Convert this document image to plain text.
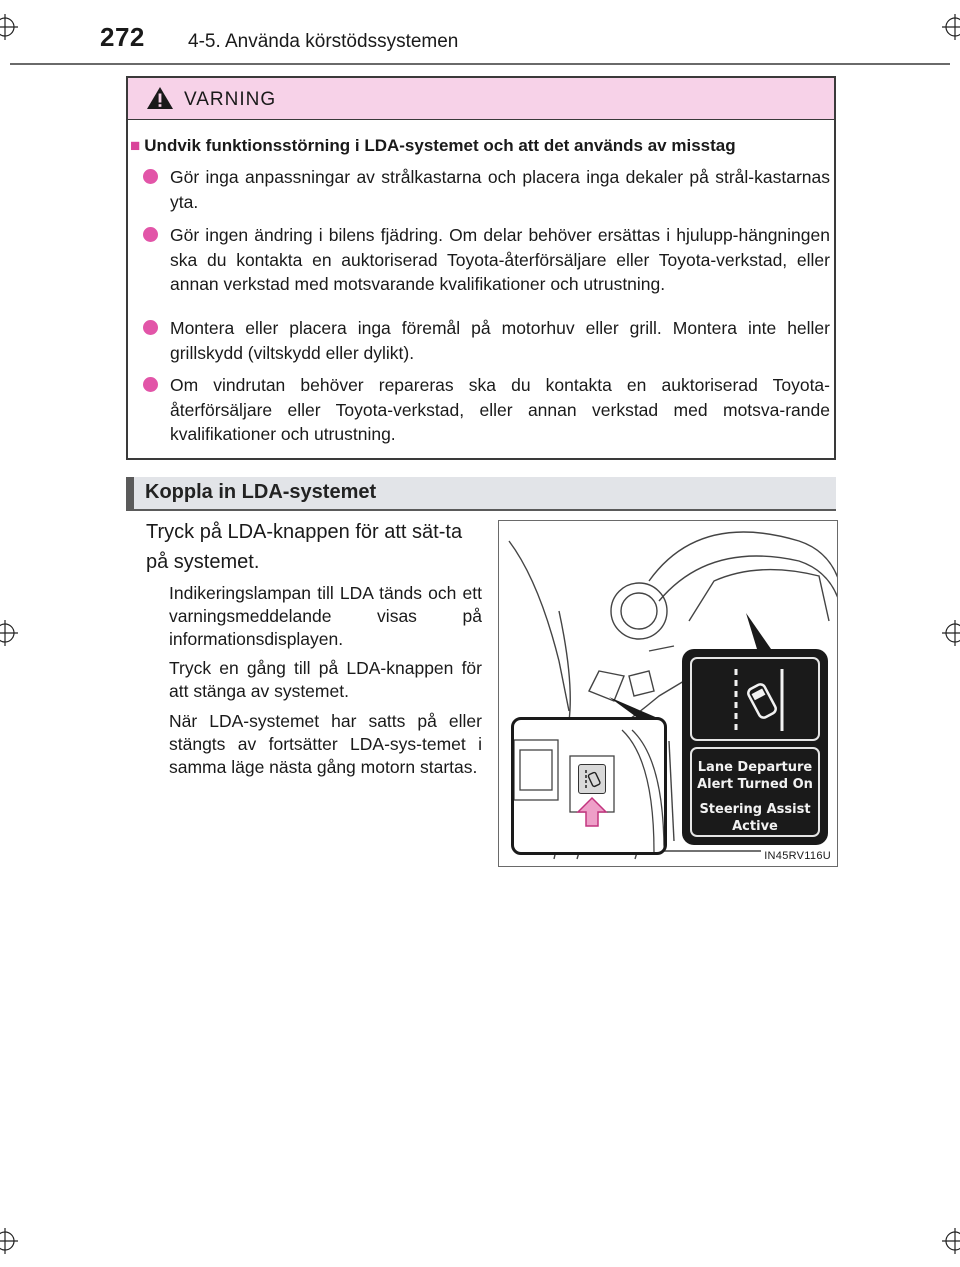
272 4-5. Använda körstödssystemen
VARNING
■ Undvik funktionsstörning i LDA-systemet och att det används av misstag
Gör inga anpassningar av strålkastarna och placera inga dekaler på strål-kastarnas yta.
Gör ingen ändring i bilens fjädring. Om delar behöver ersättas i hjulupp-hängningen ska du kontakta en auktoriserad Toyota-återförsäljare eller Toyota-verkstad, eller annan verkstad med motsvarande kvalifikationer och utrustning.
Montera eller placera inga föremål på motorhuv eller grill. Montera inte heller grillskydd (viltskydd eller dylikt).
Om vindrutan behöver repareras ska du kontakta en auktoriserad Toyota-återförsäljare eller Toyota-verkstad, eller annan verkstad med motsva-rande kvalifikationer och utrustning.
Koppla in LDA-systemet
Tryck på LDA-knappen för att sät-ta på systemet.
Indikeringslampan till LDA tänds och ett varningsmeddelande visas på informationsdisplayen.
Tryck en gång till på LDA-knappen för att stänga av systemet.
När LDA-systemet har satts på eller stängts av fortsätter LDA-sys-temet i samma läge nästa gång motorn startas.	Lane Departure
Alert Turned On
Steering Assist
Active
IN45RV116U
